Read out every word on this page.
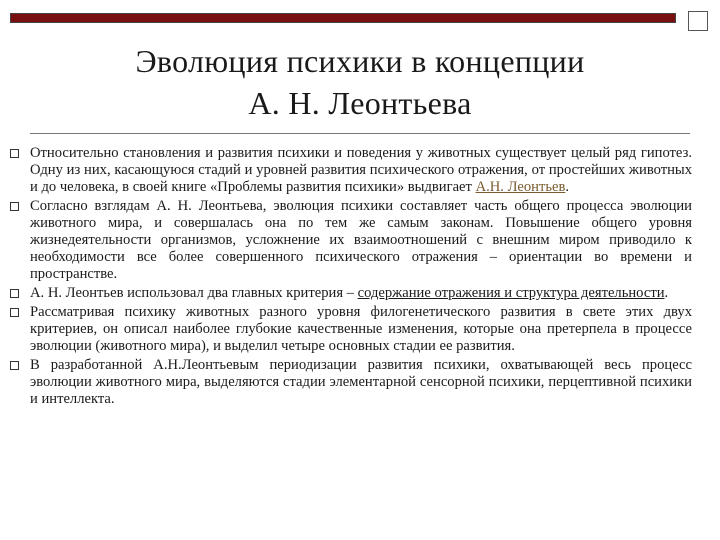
Эволюция психики в концепции
А. Н. Леонтьева
Относительно становления и развития психики и поведения у животных существует целый ряд гипотез. Одну из них, касающуюся стадий и уровней развития психического отражения, от простейших животных и до человека, в своей книге «Проблемы развития психики» выдвигает А.Н. Леонтьев.
Согласно взглядам А. Н. Леонтьева, эволюция психики составляет часть общего процесса эволюции животного мира, и совершалась она по тем же самым законам. Повышение общего уровня жизнедеятельности организмов, усложнение их взаимоотношений с внешним миром приводило к необходимости все более совершенного психического отражения – ориентации во времени и пространстве.
А. Н. Леонтьев использовал два главных критерия – содержание отражения и структура деятельности.
Рассматривая психику животных разного уровня филогенетического развития в свете этих двух критериев, он описал наиболее глубокие качественные изменения, которые она претерпела в процессе эволюции (животного мира), и выделил четыре основных стадии ее развития.
В разработанной А.Н.Леонтьевым периодизации развития психики, охватывающей весь процесс эволюции животного мира, выделяются стадии элементарной сенсорной психики, перцептивной психики и интеллекта.
